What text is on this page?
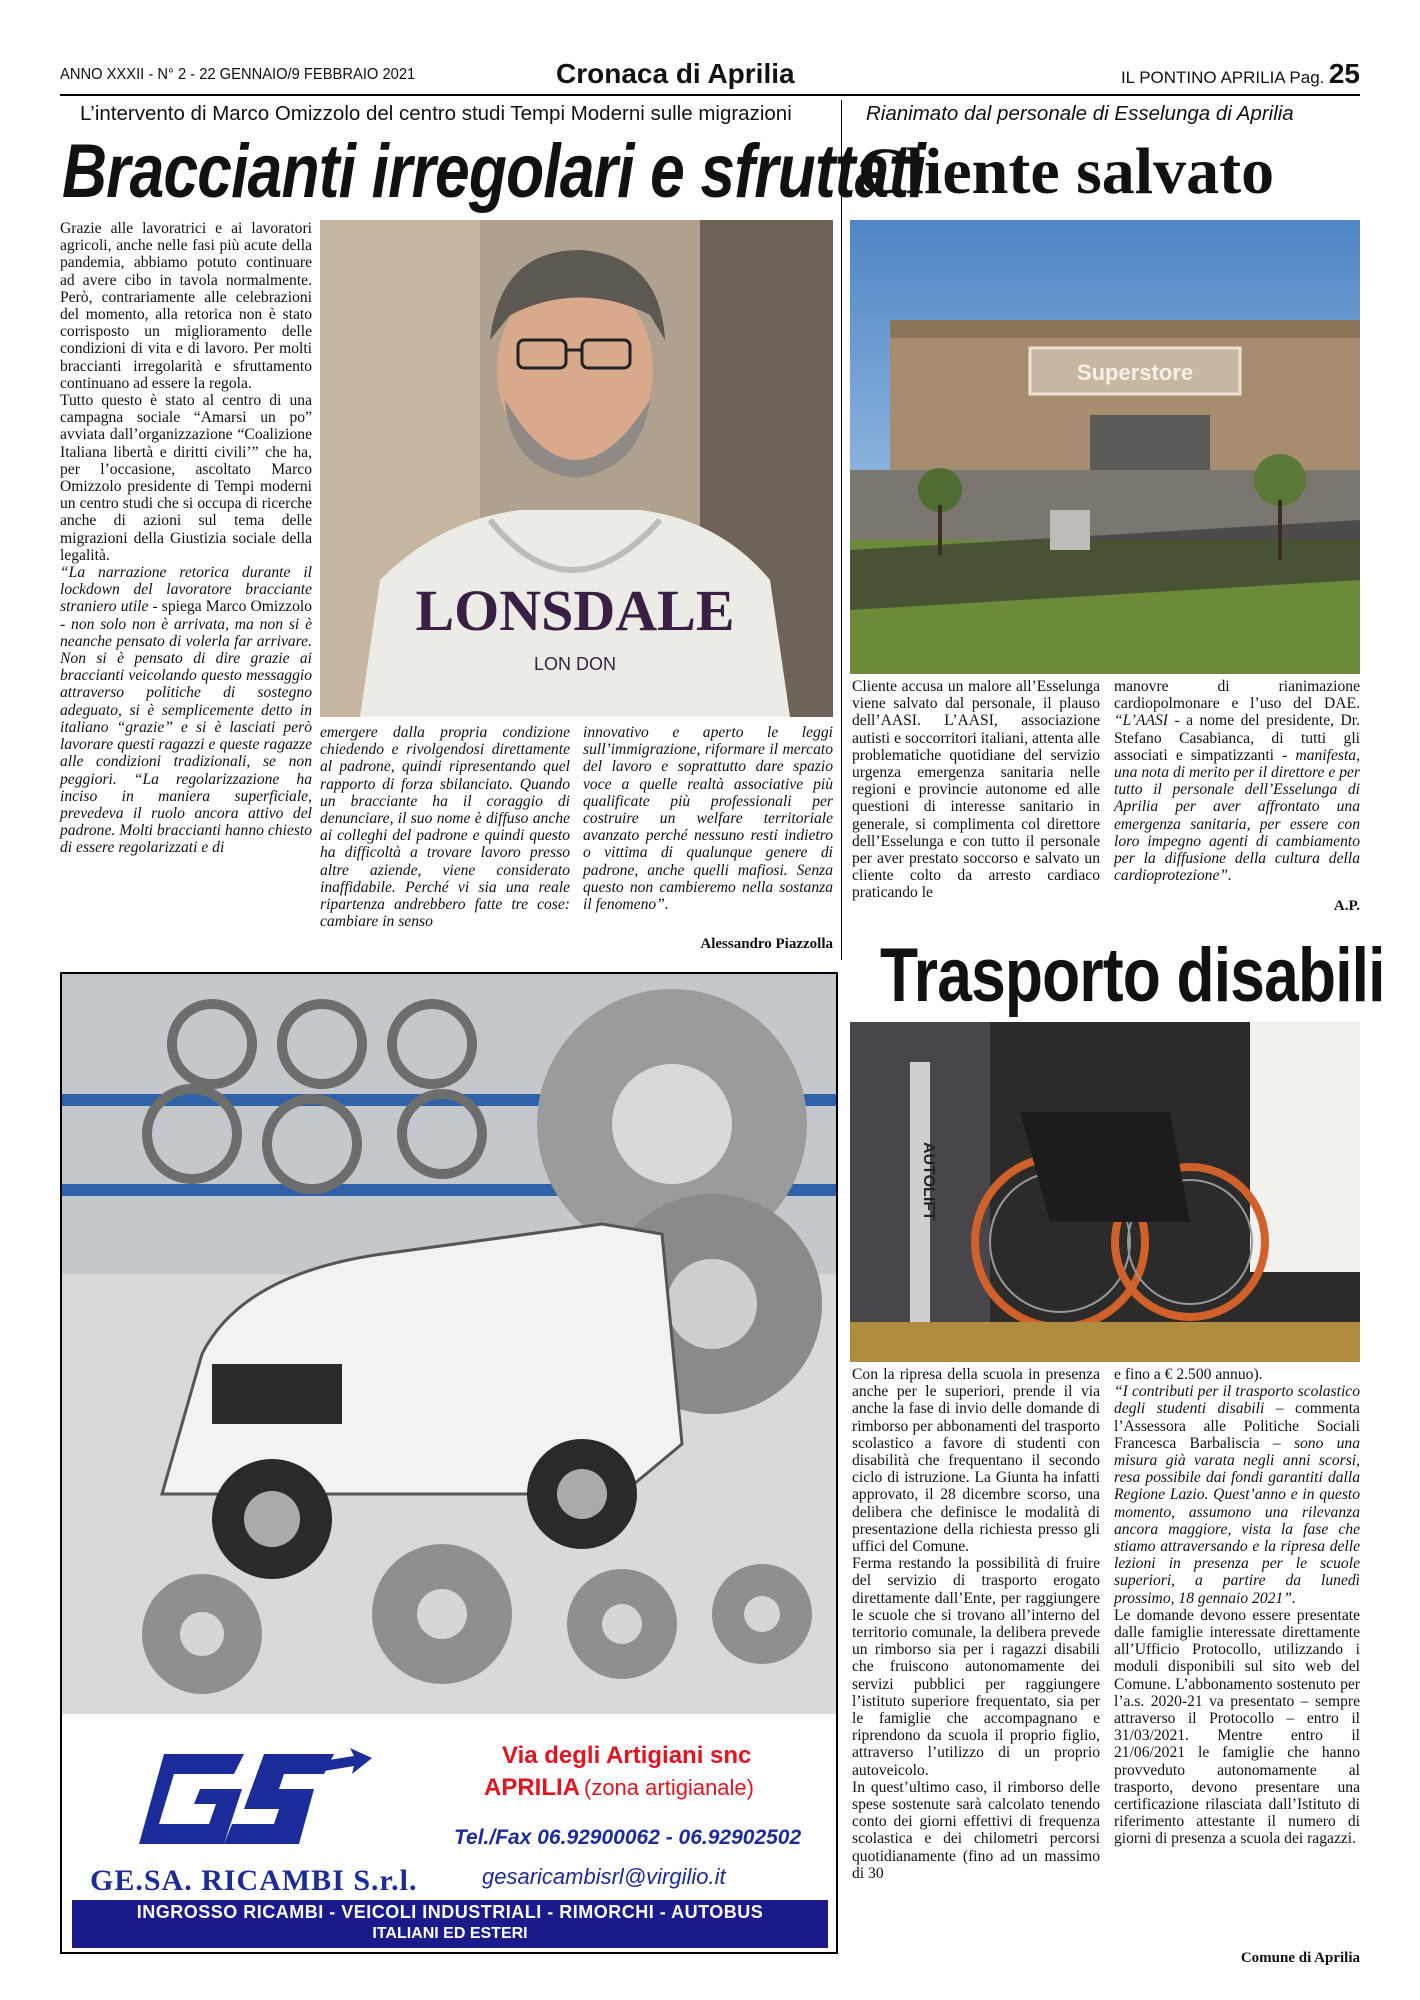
ANNO XXXII - N° 2 - 22 GENNAIO/9 FEBBRAIO 2021	Cronaca di Aprilia	IL PONTINO APRILIA Pag. 25
L’intervento di Marco Omizzolo del centro studi Tempi Moderni sulle migrazioni
Braccianti irregolari e sfruttati
LONSDALE
LON DON

Grazie alle lavoratrici e ai lavoratori agricoli, anche nelle fasi più acute della pandemia, abbiamo potuto continuare ad avere cibo in tavola normalmente. Però, contrariamente alle celebrazioni del momento, alla retorica non è stato corrisposto un miglioramento delle condizioni di vita e di lavoro. Per molti braccianti irregolarità e sfruttamento continuano ad essere la regola.

Tutto questo è stato al centro di una campagna sociale “Amarsi un po” avviata dall’organizzazione “Coalizione Italiana libertà e diritti civili’” che ha, per l’occasione, ascoltato Marco Omizzolo presidente di Tempi moderni un centro studi che si occupa di ricerche anche di azioni sul tema delle migrazioni della Giustizia sociale della legalità.

“La narrazione retorica durante il lockdown del lavoratore bracciante straniero utile - spiega Marco Omizzolo - non solo non è arrivata, ma non si è neanche pensato di volerla far arrivare. Non si è pensato di dire grazie ai braccianti veicolando questo messaggio attraverso politiche di sostegno adeguato, si è semplicemente detto in italiano “grazie” e si è lasciati però lavorare questi ragazzi e queste ragazze alle condizioni tradizionali, se non peggiori. “La regolarizzazione ha inciso in maniera superficiale, prevedeva il ruolo ancora attivo del padrone. Molti braccianti hanno chiesto di essere regolarizzati e di

emergere dalla propria condizione chiedendo e rivolgendosi direttamente al padrone, quindi ripresentando quel rapporto di forza sbilanciato. Quando un bracciante ha il coraggio di denunciare, il suo nome è diffuso anche ai colleghi del padrone e quindi questo ha difficoltà a trovare lavoro presso altre aziende, viene considerato inaffidabile. Perché vi sia una reale ripartenza andrebbero fatte tre cose: cambiare in senso

innovativo e aperto le leggi sull’immigrazione, riformare il mercato del lavoro e soprattutto dare spazio voce a quelle realtà associative più qualificate più professionali per costruire un welfare territoriale avanzato perché nessuno resti indietro o vittima di qualunque genere di padrone, anche quelli mafiosi. Senza questo non cambieremo nella sostanza il fenomeno”.

Alessandro Piazzolla
Rianimato dal personale di Esselunga di Aprilia
Cliente salvato
Superstore
Cliente accusa un malore all’Esselunga viene salvato dal personale, il plauso dell’AASI. L’AASI, associazione autisti e soccorritori italiani, attenta alle problematiche quotidiane del servizio urgenza emergenza sanitaria nelle regioni e provincie autonome ed alle questioni di interesse sanitario in generale, si complimenta col direttore dell’Esselunga e con tutto il personale per aver prestato soccorso e salvato un cliente colto da arresto cardiaco praticando le
manovre di rianimazione cardiopolmonare e l’uso del DAE. “L’AASI - a nome del presidente, Dr. Stefano Casabianca, di tutti gli associati e simpatizzanti - manifesta, una nota di merito per il direttore e per tutto il personale dell’Esselunga di Aprilia per aver affrontato una emergenza sanitaria, per essere con loro impegno agenti di cambiamento per la diffusione della cultura della cardioprotezione”.
A.P.
Trasporto disabili
AUTOLIFT

Con la ripresa della scuola in presenza anche per le superiori, prende il via anche la fase di invio delle domande di rimborso per abbonamenti del trasporto scolastico a favore di studenti con disabilità che frequentano il secondo ciclo di istruzione. La Giunta ha infatti approvato, il 28 dicembre scorso, una delibera che definisce le modalità di presentazione della richiesta presso gli uffici del Comune.

Ferma restando la possibilità di fruire del servizio di trasporto erogato direttamente dall’Ente, per raggiungere le scuole che si trovano all’interno del territorio comunale, la delibera prevede un rimborso sia per i ragazzi disabili che fruiscono autonomamente dei servizi pubblici per raggiungere l’istituto superiore frequentato, sia per le famiglie che accompagnano e riprendono da scuola il proprio figlio, attraverso l’utilizzo di un proprio autoveicolo.

In quest’ultimo caso, il rimborso delle spese sostenute sarà calcolato tenendo conto dei giorni effettivi di frequenza scolastica e dei chilometri percorsi quotidianamente (fino ad un massimo di 30

e fino a € 2.500 annuo).

“I contributi per il trasporto scolastico degli studenti disabili – commenta l’Assessora alle Politiche Sociali Francesca Barbaliscia – sono una misura già varata negli anni scorsi, resa possibile dai fondi garantiti dalla Regione Lazio. Quest’anno e in questo momento, assumono una rilevanza ancora maggiore, vista la fase che stiamo attraversando e la ripresa delle lezioni in presenza per le scuole superiori, a partire da lunedì prossimo, 18 gennaio 2021”.

Le domande devono essere presentate dalle famiglie interessate direttamente all’Ufficio Protocollo, utilizzando i moduli disponibili sul sito web del Comune. L’abbonamento sostenuto per l’a.s. 2020-21 va presentato – sempre attraverso il Protocollo – entro il 31/03/2021. Mentre entro il 21/06/2021 le famiglie che hanno provveduto autonomamente al trasporto, devono presentare una certificazione rilasciata dall’Istituto di riferimento attestante il numero di giorni di presenza a scuola dei ragazzi.

Comune di Aprilia
GE.SA. RICAMBI S.r.l.
Via degli Artigiani snc
APRILIA (zona artigianale)
Tel./Fax 06.92900062 - 06.92902502
gesaricambisrl@virgilio.it
INGROSSO RICAMBI - VEICOLI INDUSTRIALI - RIMORCHI - AUTOBUS
ITALIANI ED ESTERI
